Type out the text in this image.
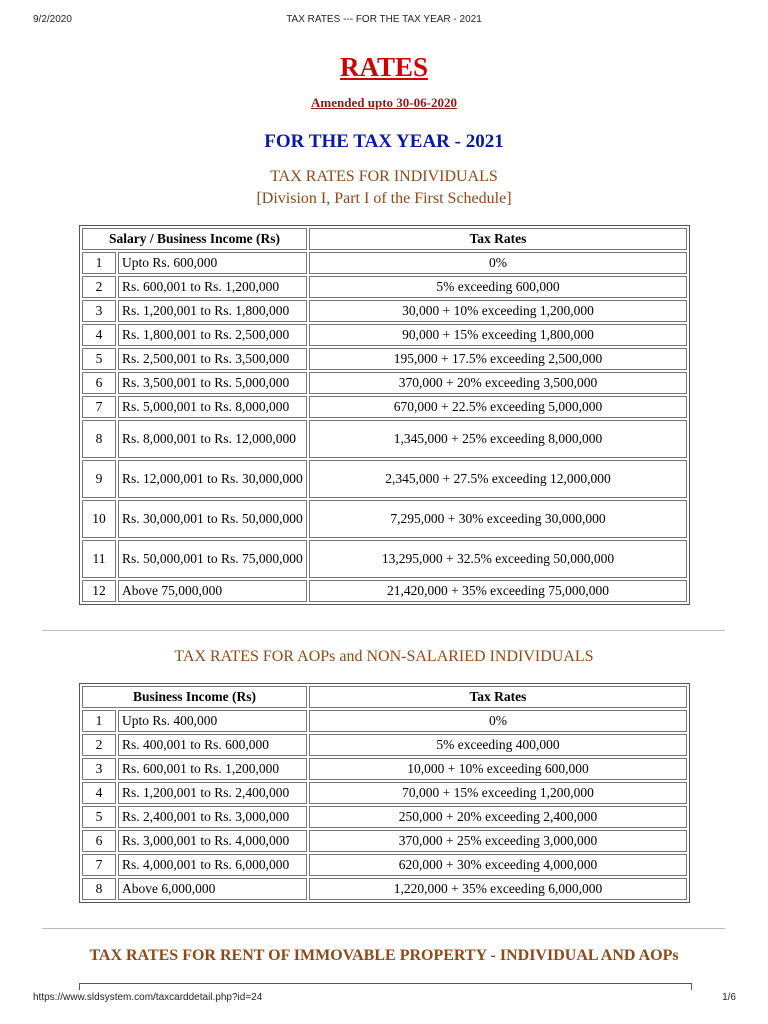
9/2/2020	TAX RATES --- FOR THE TAX YEAR - 2021
RATES
Amended upto 30-06-2020
FOR THE TAX YEAR - 2021
TAX RATES FOR INDIVIDUALS
[Division I, Part I of the First Schedule]
Salary / Business Income (Rs)		Tax Rates
1	Upto Rs. 600,000	0%
2	Rs. 600,001 to Rs. 1,200,000	5% exceeding 600,000
3	Rs. 1,200,001 to Rs. 1,800,000	30,000 + 10% exceeding 1,200,000
4	Rs. 1,800,001 to Rs. 2,500,000	90,000 + 15% exceeding 1,800,000
5	Rs. 2,500,001 to Rs. 3,500,000	195,000 + 17.5% exceeding 2,500,000
6	Rs. 3,500,001 to Rs. 5,000,000	370,000 + 20% exceeding 3,500,000
7	Rs. 5,000,001 to Rs. 8,000,000	670,000 + 22.5% exceeding 5,000,000
8	Rs. 8,000,001 to Rs. 12,000,000	1,345,000 + 25% exceeding 8,000,000
9	Rs. 12,000,001 to Rs. 30,000,000	2,345,000 + 27.5% exceeding 12,000,000
10	Rs. 30,000,001 to Rs. 50,000,000	7,295,000 + 30% exceeding 30,000,000
11	Rs. 50,000,001 to Rs. 75,000,000	13,295,000 + 32.5% exceeding 50,000,000
12	Above 75,000,000	21,420,000 + 35% exceeding 75,000,000
TAX RATES FOR AOPs and NON-SALARIED INDIVIDUALS
Business Income (Rs)		Tax Rates
1	Upto Rs. 400,000	0%
2	Rs. 400,001 to Rs. 600,000	5% exceeding 400,000
3	Rs. 600,001 to Rs. 1,200,000	10,000 + 10% exceeding 600,000
4	Rs. 1,200,001 to Rs. 2,400,000	70,000 + 15% exceeding 1,200,000
5	Rs. 2,400,001 to Rs. 3,000,000	250,000 + 20% exceeding 2,400,000
6	Rs. 3,000,001 to Rs. 4,000,000	370,000 + 25% exceeding 3,000,000
7	Rs. 4,000,001 to Rs. 6,000,000	620,000 + 30% exceeding 4,000,000
8	Above 6,000,000	1,220,000 + 35% exceeding 6,000,000
TAX RATES FOR RENT OF IMMOVABLE PROPERTY - INDIVIDUAL AND AOPs
https://www.sldsystem.com/taxcarddetail.php?id=24	1/6
